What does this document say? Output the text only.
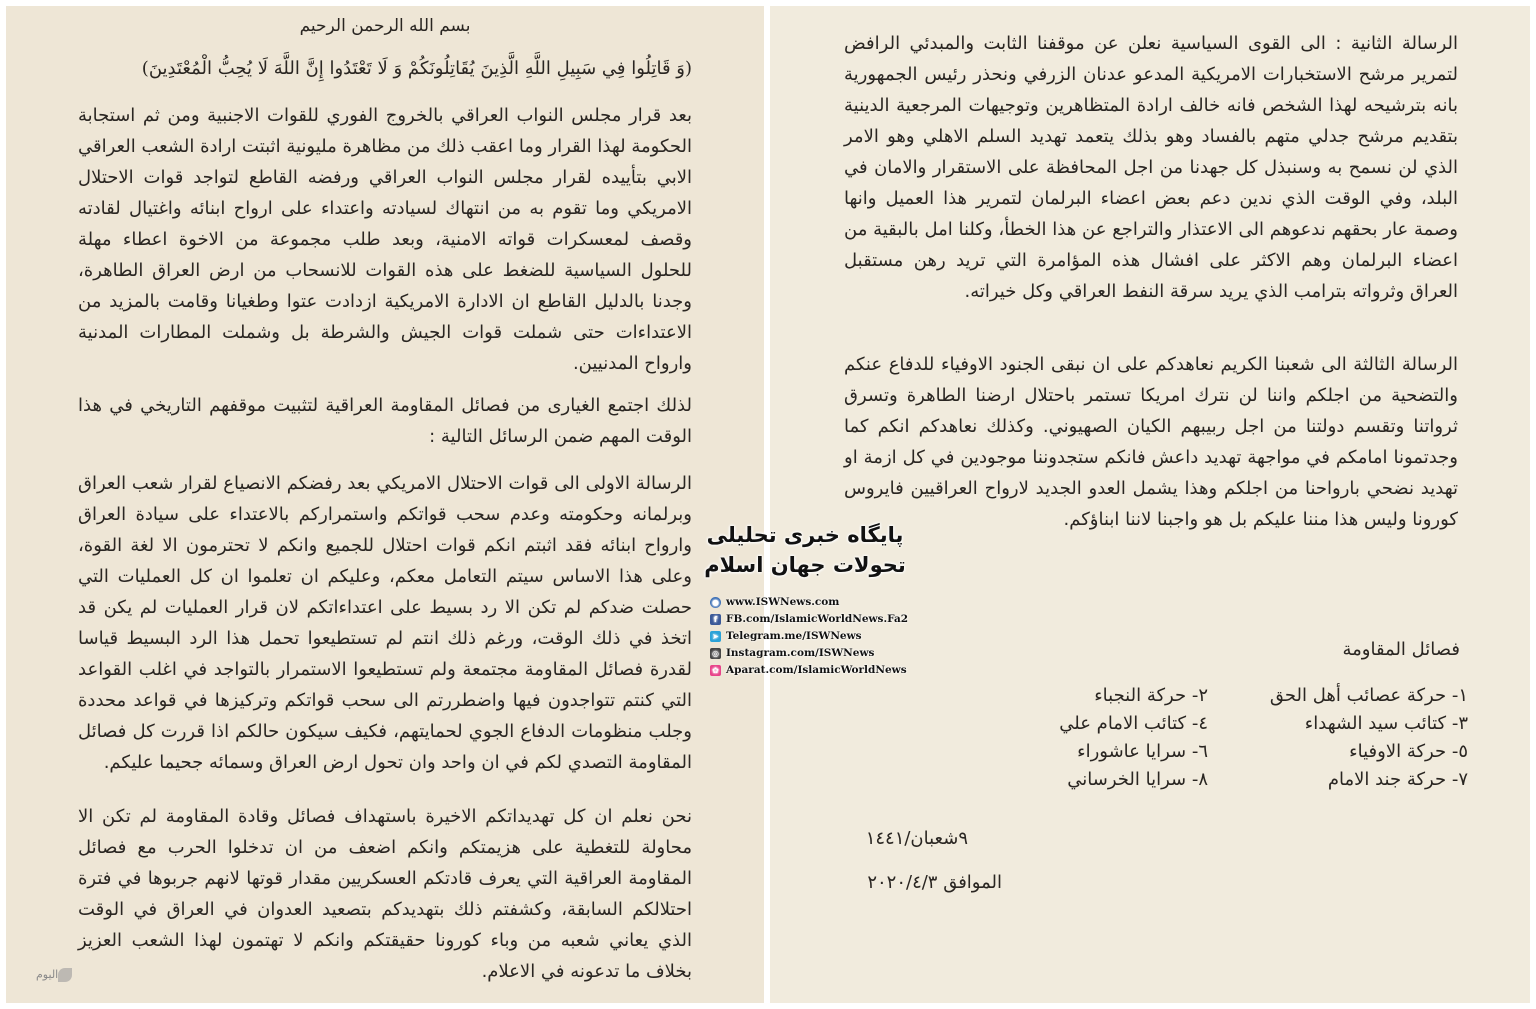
بسم الله الرحمن الرحيم
(وَ قَاتِلُوا فِي سَبِيلِ اللَّهِ الَّذِينَ يُقَاتِلُونَكُمْ وَ لَا تَعْتَدُوا إِنَّ اللَّهَ لَا يُحِبُّ الْمُعْتَدِينَ)

بعد قرار مجلس النواب العراقي بالخروج الفوري للقوات الاجنبية ومن ثم استجابة الحكومة لهذا القرار وما اعقب ذلك من مظاهرة مليونية اثبتت ارادة الشعب العراقي الابي بتأييده لقرار مجلس النواب العراقي ورفضه القاطع لتواجد قوات الاحتلال الامريكي وما تقوم به من انتهاك لسيادته واعتداء على ارواح ابنائه واغتيال لقادته وقصف لمعسكرات قواته الامنية، وبعد طلب مجموعة من الاخوة اعطاء مهلة للحلول السياسية للضغط على هذه القوات للانسحاب من ارض العراق الطاهرة، وجدنا بالدليل القاطع ان الادارة الامريكية ازدادت عتوا وطغيانا وقامت بالمزيد من الاعتداءات حتى شملت قوات الجيش والشرطة بل وشملت المطارات المدنية وارواح المدنيين.

لذلك اجتمع الغيارى من فصائل المقاومة العراقية لتثبيت موقفهم التاريخي في هذا الوقت المهم ضمن الرسائل التالية :

الرسالة الاولى الى قوات الاحتلال الامريكي بعد رفضكم الانصياع لقرار شعب العراق وبرلمانه وحكومته وعدم سحب قواتكم واستمراركم بالاعتداء على سيادة العراق وارواح ابنائه فقد اثبتم انكم قوات احتلال للجميع وانكم لا تحترمون الا لغة القوة، وعلى هذا الاساس سيتم التعامل معكم، وعليكم ان تعلموا ان كل العمليات التي حصلت ضدكم لم تكن الا رد بسيط على اعتداءاتكم لان قرار العمليات لم يكن قد اتخذ في ذلك الوقت، ورغم ذلك انتم لم تستطيعوا تحمل هذا الرد البسيط قياسا لقدرة فصائل المقاومة مجتمعة ولم تستطيعوا الاستمرار بالتواجد في اغلب القواعد التي كنتم تتواجدون فيها واضطررتم الى سحب قواتكم وتركيزها في قواعد محددة وجلب منظومات الدفاع الجوي لحمايتهم، فكيف سيكون حالكم اذا قررت كل فصائل المقاومة التصدي لكم في ان واحد وان تحول ارض العراق وسمائه جحيما عليكم.

نحن نعلم ان كل تهديداتكم الاخيرة باستهداف فصائل وقادة المقاومة لم تكن الا محاولة للتغطية على هزيمتكم وانكم اضعف من ان تدخلوا الحرب مع فصائل المقاومة العراقية التي يعرف قادتكم العسكريين مقدار قوتها لانهم جربوها في فترة احتلالكم السابقة، وكشفتم ذلك بتهديدكم بتصعيد العدوان في العراق في الوقت الذي يعاني شعبه من وباء كورونا حقيقتكم وانكم لا تهتمون لهذا الشعب العزيز بخلاف ما تدعونه في الاعلام.

اليوم

الرسالة الثانية : الى القوى السياسية نعلن عن موقفنا الثابت والمبدئي الرافض لتمرير مرشح الاستخبارات الامريكية المدعو عدنان الزرفي ونحذر رئيس الجمهورية بانه بترشيحه لهذا الشخص فانه خالف ارادة المتظاهرين وتوجيهات المرجعية الدينية بتقديم مرشح جدلي متهم بالفساد وهو بذلك يتعمد تهديد السلم الاهلي وهو الامر الذي لن نسمح به وسنبذل كل جهدنا من اجل المحافظة على الاستقرار والامان في البلد، وفي الوقت الذي ندين دعم بعض اعضاء البرلمان لتمرير هذا العميل وانها وصمة عار بحقهم ندعوهم الى الاعتذار والتراجع عن هذا الخطأ، وكلنا امل بالبقية من اعضاء البرلمان وهم الاكثر على افشال هذه المؤامرة التي تريد رهن مستقبل العراق وثرواته بترامب الذي يريد سرقة النفط العراقي وكل خيراته.

الرسالة الثالثة الى شعبنا الكريم نعاهدكم على ان نبقى الجنود الاوفياء للدفاع عنكم والتضحية من اجلكم واننا لن نترك امريكا تستمر باحتلال ارضنا الطاهرة وتسرق ثرواتنا وتقسم دولتنا من اجل ربيبهم الكيان الصهيوني. وكذلك نعاهدكم انكم كما وجدتمونا امامكم في مواجهة تهديد داعش فانكم ستجدوننا موجودين في كل ازمة او تهديد نضحي بارواحنا من اجلكم وهذا يشمل العدو الجديد لارواح العراقيين فايروس كورونا وليس هذا مننا عليكم بل هو واجبنا لاننا ابناؤكم.

فصائل المقاومة
١- حركة عصائب أهل الحق
٢- حركة النجباء
٣- كتائب سيد الشهداء
٤- كتائب الامام علي
٥- حركة الاوفياء
٦- سرايا عاشوراء
٧- حركة جند الامام
٨- سرايا الخرساني
٩شعبان/١٤٤١
الموافق ٢٠٢٠/٤/٣
پایگاه خبری تحلیلی
تحولات جهان اسلام
● www.ISWNews.com
f FB.com/IslamicWorldNews.Fa2
➤ Telegram.me/ISWNews
◎ Instagram.com/ISWNews
✿ Aparat.com/IslamicWorldNews
